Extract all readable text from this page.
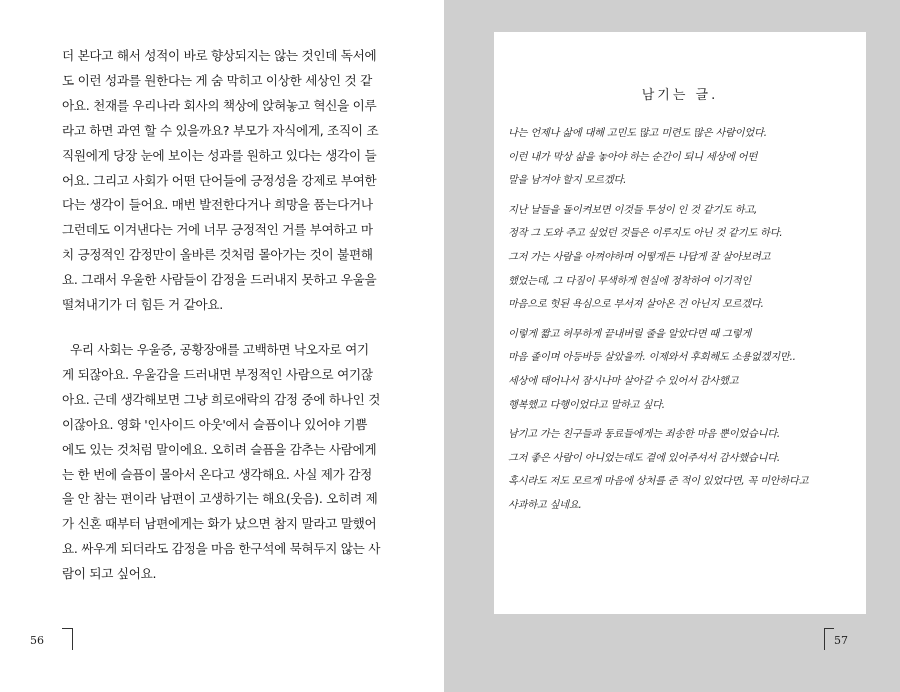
더 본다고 해서 성적이 바로 향상되지는 않는 것인데 독서에
도 이런 성과를 원한다는 게 숨 막히고 이상한 세상인 것 같
아요. 천재를 우리나라 회사의 책상에 앉혀놓고 혁신을 이루
라고 하면 과연 할 수 있을까요? 부모가 자식에게, 조직이 조
직원에게 당장 눈에 보이는 성과를 원하고 있다는 생각이 들
어요. 그리고 사회가 어떤 단어들에 긍정성을 강제로 부여한
다는 생각이 들어요. 매번 발전한다거나 희망을 품는다거나
그런데도 이겨낸다는 거에 너무 긍정적인 거를 부여하고 마
치 긍정적인 감정만이 올바른 것처럼 몰아가는 것이 불편해
요. 그래서 우울한 사람들이 감정을 드러내지 못하고 우울을
떨쳐내기가 더 힘든 거 같아요.
우리 사회는 우울증, 공황장애를 고백하면 낙오자로 여기
게 되잖아요. 우울감을 드러내면 부정적인 사람으로 여기잖
아요. 근데 생각해보면 그냥 희로애락의 감정 중에 하나인 것
이잖아요. 영화 '인사이드 아웃'에서 슬픔이나 있어야 기쁨
에도 있는 것처럼 말이에요. 오히려 슬픔을 감추는 사람에게
는 한 번에 슬픔이 몰아서 온다고 생각해요. 사실 제가 감정
을 안 참는 편이라 남편이 고생하기는 해요(웃음). 오히려 제
가 신혼 때부터 남편에게는 화가 났으면 참지 말라고 말했어
요. 싸우게 되더라도 감정을 마음 한구석에 묵혀두지 않는 사
람이 되고 싶어요.
56
남기는 글.
나는 언제나 삶에 대해 고민도 많고 미련도 많은 사람이었다.
이런 내가 막상 삶을 놓아야 하는 순간이 되니 세상에 어떤
말을 남겨야 할지 모르겠다.
지난 날들을 돌이켜보면 이것들 투성이 인 것 같기도 하고,
정작 그 도와 주고 싶었던 것들은 이루지도 아닌 것 같기도 하다.
그저 가는 사람을 아껴야하며 어떻게든 나답게 잘 살아보려고
했었는데, 그 다짐이 무색하게 현실에 정착하여 이기적인
마음으로 헛된 욕심으로 부서져 살아온 건 아닌지 모르겠다.
이렇게 짧고 허무하게 끝내버릴 줄을 알았다면 때 그렇게
마음 졸이며 아등바등 살았을까. 이제와서 후회해도 소용없겠지만..
세상에 태어나서 잠시나마 살아갈 수 있어서 감사했고
행복했고 다행이었다고 말하고 싶다.
남기고 가는 친구들과 동료들에게는 죄송한 마음 뿐이었습니다.
그저 좋은 사람이 아니었는데도 곁에 있어주셔서 감사했습니다.
혹시라도 저도 모르게 마음에 상처를 준 적이 있었다면, 꼭 미안하다고
사과하고 싶네요.
57
